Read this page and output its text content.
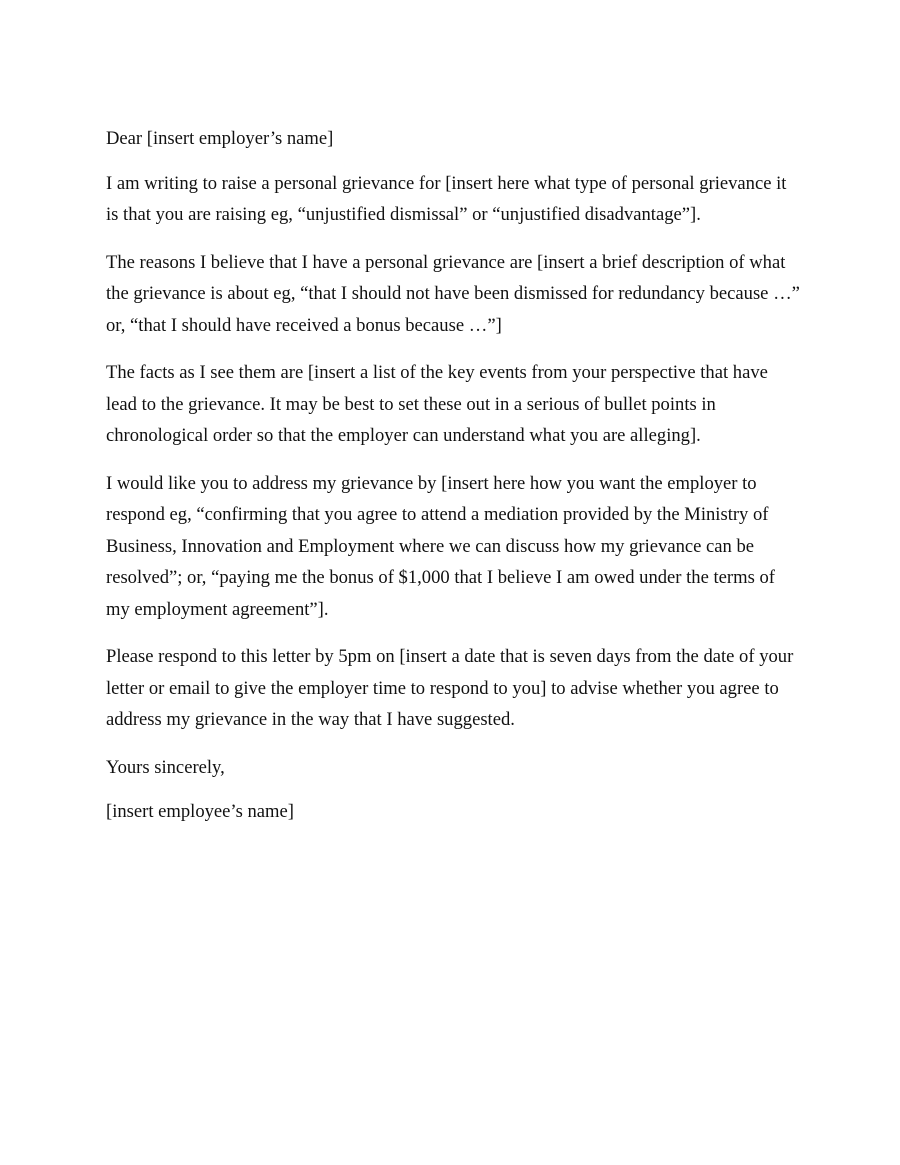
Dear [insert employer’s name]

I am writing to raise a personal grievance for [insert here what type of personal grievance it is that you are raising eg, “unjustified dismissal” or “unjustified disadvantage”].

The reasons I believe that I have a personal grievance are [insert a brief description of what the grievance is about eg, “that I should not have been dismissed for redundancy because …” or, “that I should have received a bonus because …”]

The facts as I see them are [insert a list of the key events from your perspective that have lead to the grievance. It may be best to set these out in a serious of bullet points in chronological order so that the employer can understand what you are alleging].

I would like you to address my grievance by [insert here how you want the employer to respond eg, “confirming that you agree to attend a mediation provided by the Ministry of Business, Innovation and Employment where we can discuss how my grievance can be resolved”; or, “paying me the bonus of $1,000 that I believe I am owed under the terms of my employment agreement”].

Please respond to this letter by 5pm on [insert a date that is seven days from the date of your letter or email to give the employer time to respond to you] to advise whether you agree to address my grievance in the way that I have suggested.

Yours sincerely,

[insert employee’s name]
